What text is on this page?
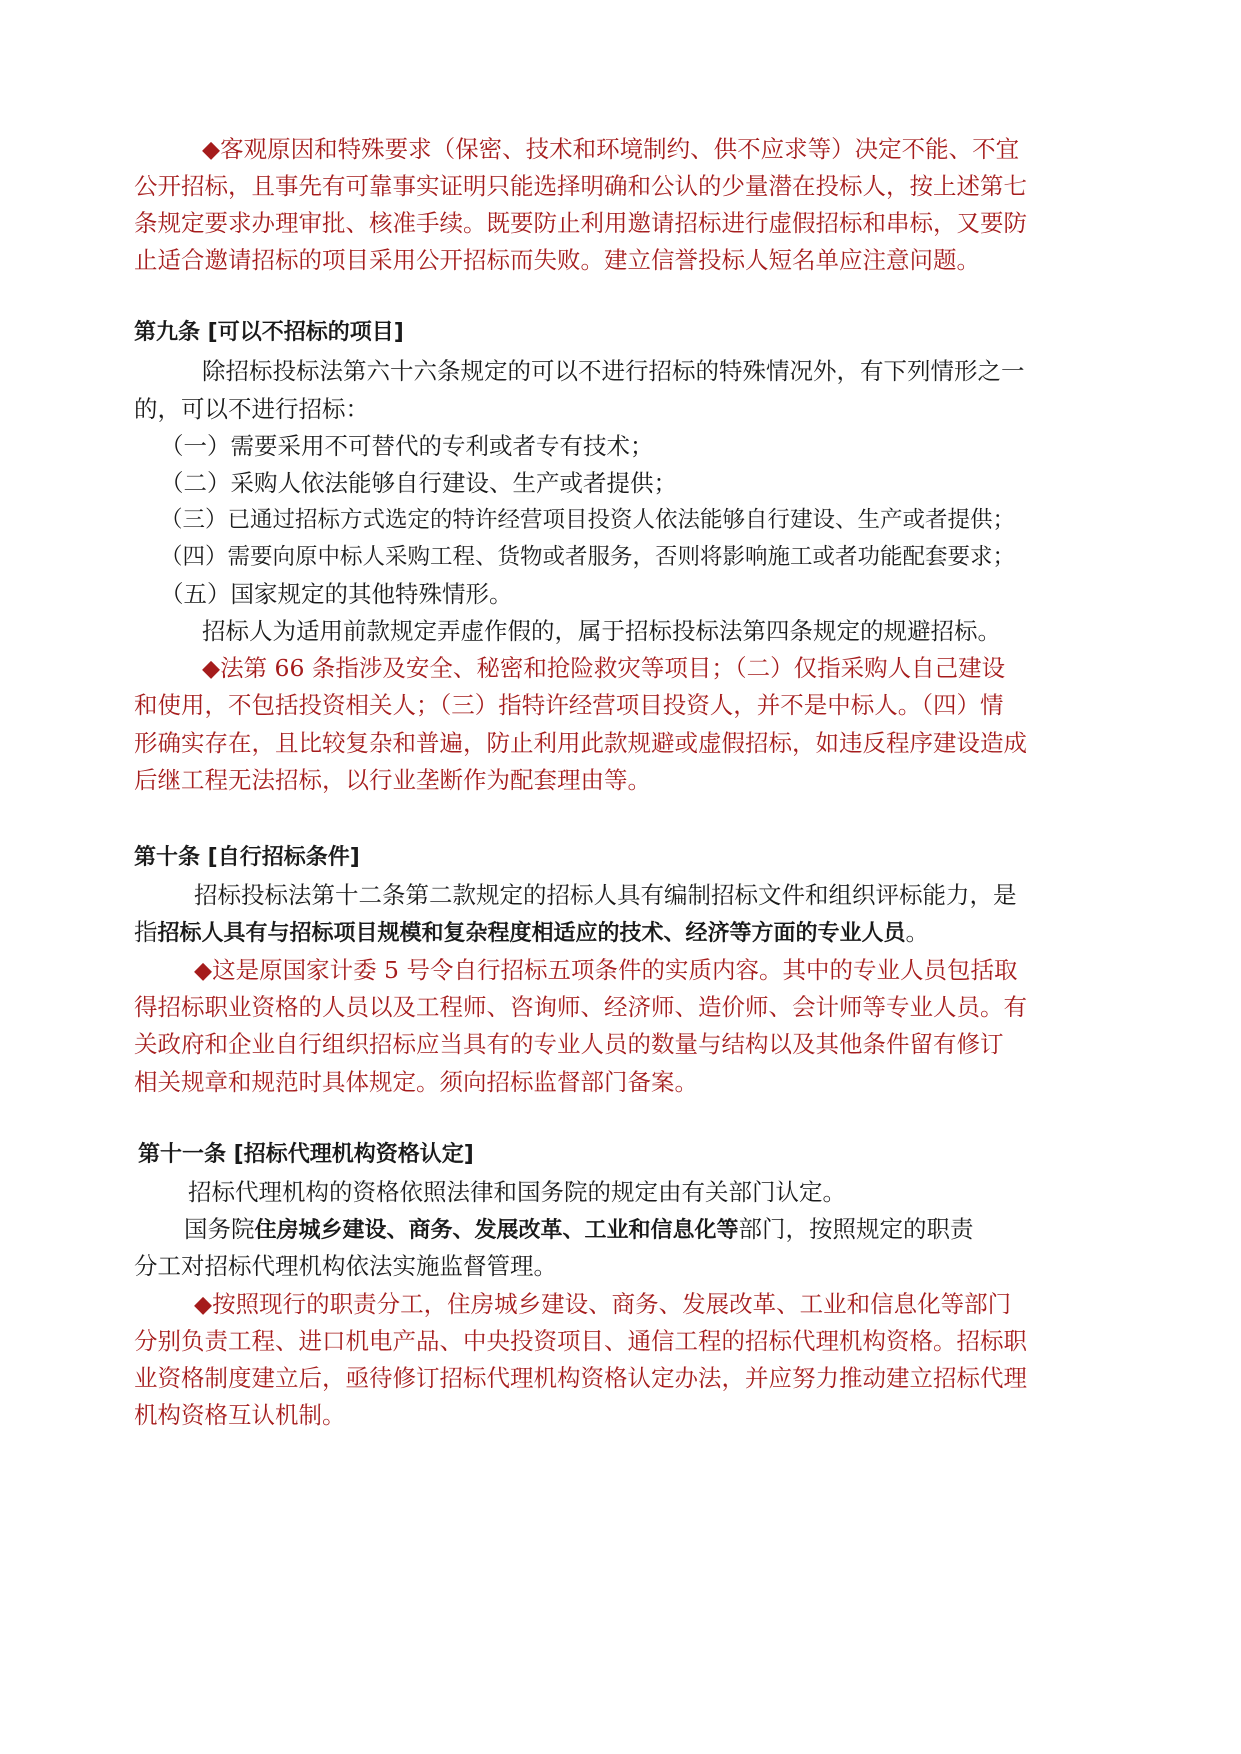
◆客观原因和特殊要求（保密、技术和环境制约、供不应求等）决定不能、不宜
公开招标，且事先有可靠事实证明只能选择明确和公认的少量潜在投标人，按上述第七
条规定要求办理审批、核准手续。既要防止利用邀请招标进行虚假招标和串标，又要防
止适合邀请招标的项目采用公开招标而失败。建立信誉投标人短名单应注意问题。
第九条 [可以不招标的项目]
除招标投标法第六十六条规定的可以不进行招标的特殊情况外，有下列情形之一
的，可以不进行招标：
（一）需要采用不可替代的专利或者专有技术；
（二）采购人依法能够自行建设、生产或者提供；
（三）已通过招标方式选定的特许经营项目投资人依法能够自行建设、生产或者提供；
（四）需要向原中标人采购工程、货物或者服务，否则将影响施工或者功能配套要求；
（五）国家规定的其他特殊情形。
招标人为适用前款规定弄虚作假的，属于招标投标法第四条规定的规避招标。
◆法第 66 条指涉及安全、秘密和抢险救灾等项目；（二）仅指采购人自己建设
和使用，不包括投资相关人；（三）指特许经营项目投资人，并不是中标人。（四）情
形确实存在，且比较复杂和普遍，防止利用此款规避或虚假招标，如违反程序建设造成
后继工程无法招标，以行业垄断作为配套理由等。
第十条 [自行招标条件]
招标投标法第十二条第二款规定的招标人具有编制招标文件和组织评标能力，是
指招标人具有与招标项目规模和复杂程度相适应的技术、经济等方面的专业人员。
◆这是原国家计委 5 号令自行招标五项条件的实质内容。其中的专业人员包括取
得招标职业资格的人员以及工程师、咨询师、经济师、造价师、会计师等专业人员。有
关政府和企业自行组织招标应当具有的专业人员的数量与结构以及其他条件留有修订
相关规章和规范时具体规定。须向招标监督部门备案。
第十一条 [招标代理机构资格认定]
招标代理机构的资格依照法律和国务院的规定由有关部门认定。
国务院住房城乡建设、商务、发展改革、工业和信息化等部门，按照规定的职责
分工对招标代理机构依法实施监督管理。
◆按照现行的职责分工，住房城乡建设、商务、发展改革、工业和信息化等部门
分别负责工程、进口机电产品、中央投资项目、通信工程的招标代理机构资格。招标职
业资格制度建立后，亟待修订招标代理机构资格认定办法，并应努力推动建立招标代理
机构资格互认机制。
